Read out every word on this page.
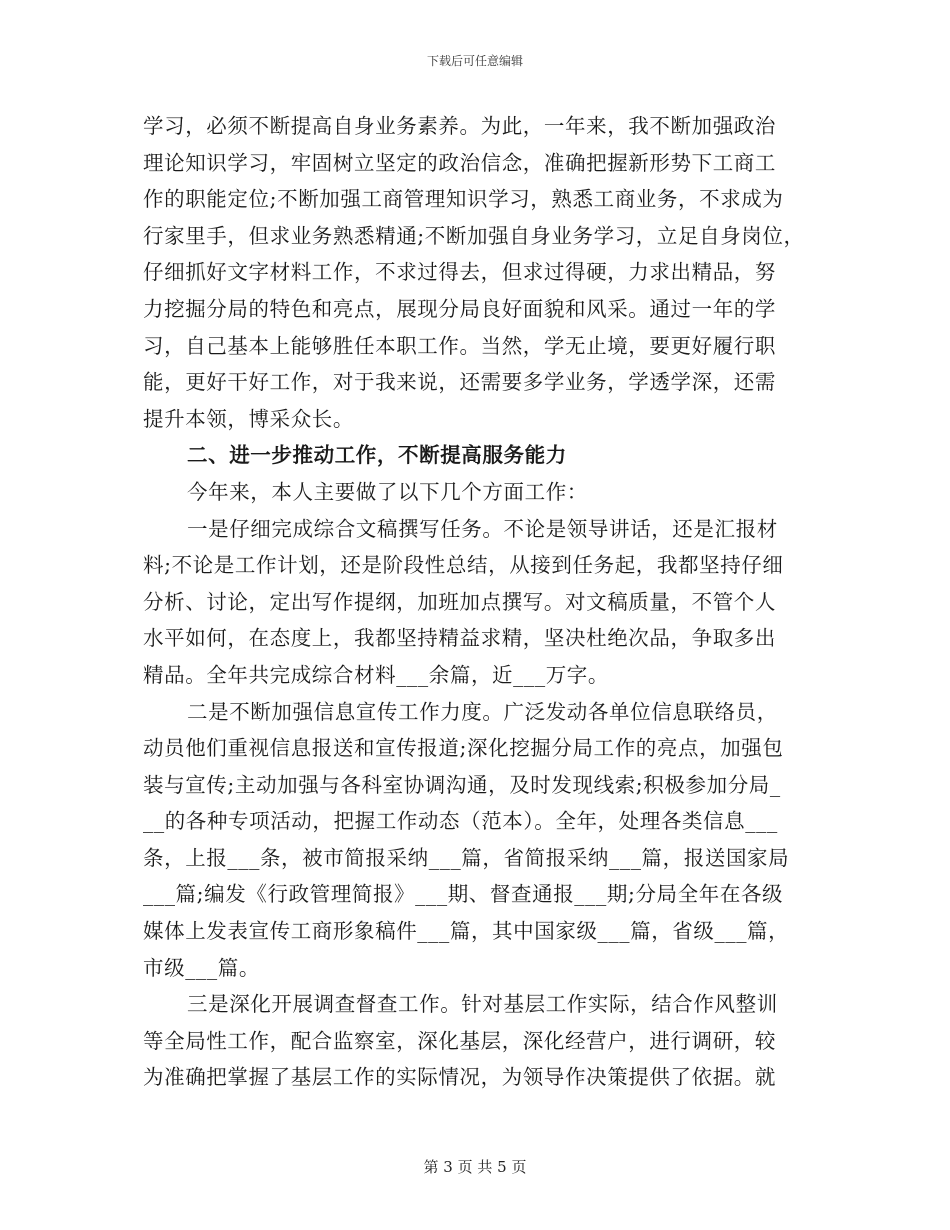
下载后可任意编辑
学习，必须不断提高自身业务素养。为此，一年来，我不断加强政治
理论知识学习，牢固树立坚定的政治信念，准确把握新形势下工商工
作的职能定位;不断加强工商管理知识学习，熟悉工商业务，不求成为
行家里手，但求业务熟悉精通;不断加强自身业务学习，立足自身岗位，
仔细抓好文字材料工作，不求过得去，但求过得硬，力求出精品，努
力挖掘分局的特色和亮点，展现分局良好面貌和风采。通过一年的学
习，自己基本上能够胜任本职工作。当然，学无止境，要更好履行职
能，更好干好工作，对于我来说，还需要多学业务，学透学深，还需
提升本领，博采众长。
二、进一步推动工作，不断提高服务能力
今年来，本人主要做了以下几个方面工作：
一是仔细完成综合文稿撰写任务。不论是领导讲话，还是汇报材
料;不论是工作计划，还是阶段性总结，从接到任务起，我都坚持仔细
分析、讨论，定出写作提纲，加班加点撰写。对文稿质量，不管个人
水平如何，在态度上，我都坚持精益求精，坚决杜绝次品，争取多出
精品。全年共完成综合材料___余篇，近___万字。
二是不断加强信息宣传工作力度。广泛发动各单位信息联络员，
动员他们重视信息报送和宣传报道;深化挖掘分局工作的亮点，加强包
装与宣传;主动加强与各科室协调沟通，及时发现线索;积极参加分局_
__的各种专项活动，把握工作动态（范本）。全年，处理各类信息___
条，上报___条，被市简报采纳___篇，省简报采纳___篇，报送国家局
___篇;编发《行政管理简报》___期、督查通报___期;分局全年在各级
媒体上发表宣传工商形象稿件___篇，其中国家级___篇，省级___篇，
市级___篇。
三是深化开展调查督查工作。针对基层工作实际，结合作风整训
等全局性工作，配合监察室，深化基层，深化经营户，进行调研，较
为准确把掌握了基层工作的实际情况，为领导作决策提供了依据。就
第 3 页 共 5 页
